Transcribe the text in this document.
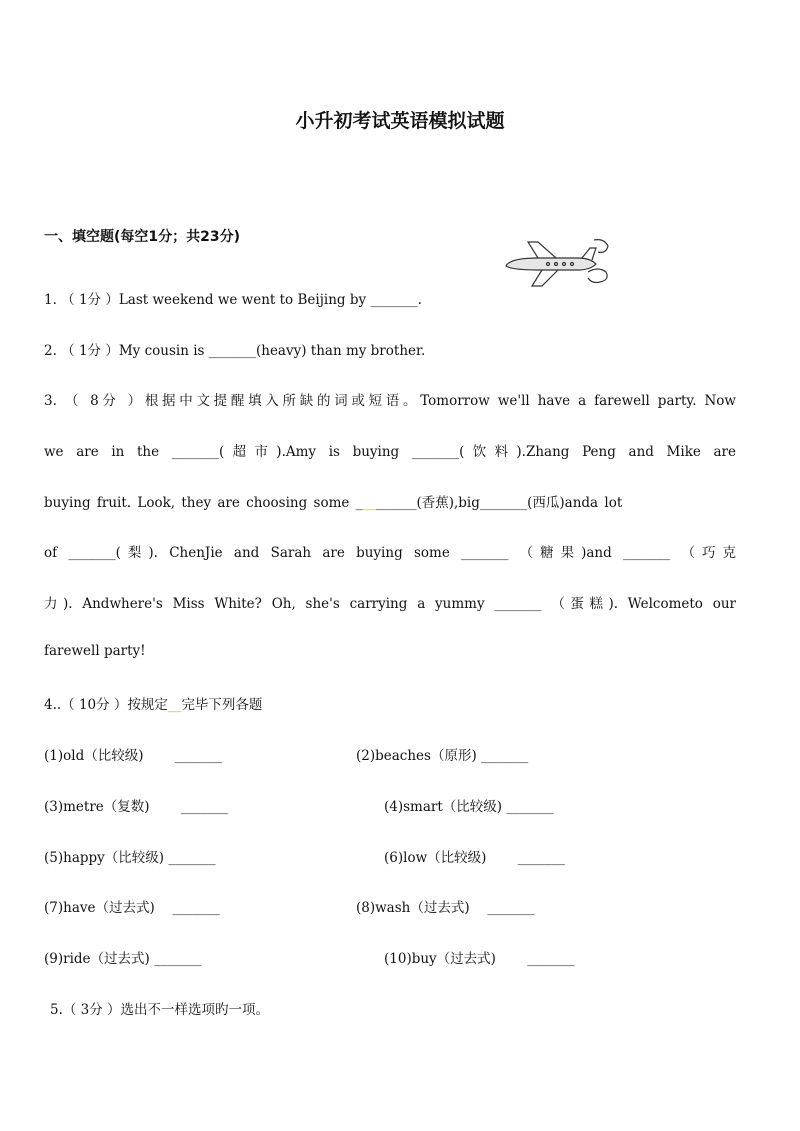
小升初考试英语模拟试题
一、填空题(每空1分；共23分)
1. （ 1分 ）Last weekend we went to Beijing by _______.
2. （ 1分 ）My cousin is _______(heavy) than my brother.
3. （ 8分 ）根据中文提醒填入所缺的词或短语。Tomorrow we'll have a farewell party. Now
we are in the _______(超市).Amy is buying _______(饮料).Zhang Peng and Mike are
buying fruit. Look, they are choosing some _________(香蕉),big_______(西瓜)anda lot
of _______(梨). ChenJie and Sarah are buying some _______ （糖果)and _______ （巧克
力). Andwhere's Miss White? Oh, she's carrying a yummy _______ （蛋糕). Welcometo our
farewell party!
4..（ 10分 ）按规定__完毕下列各题
(1)old（比较级)　　 _______	(2)beaches（原形) _______
(3)metre（复数)　　 _______	(4)smart（比较级) _______
(5)happy（比较级) _______	(6)low（比较级)　　 _______
(7)have（过去式)　 _______	(8)wash（过去式)　 _______
(9)ride（过去式) _______	(10)buy（过去式)　　 _______
5.（ 3分 ）选出不一样选项旳一项。
